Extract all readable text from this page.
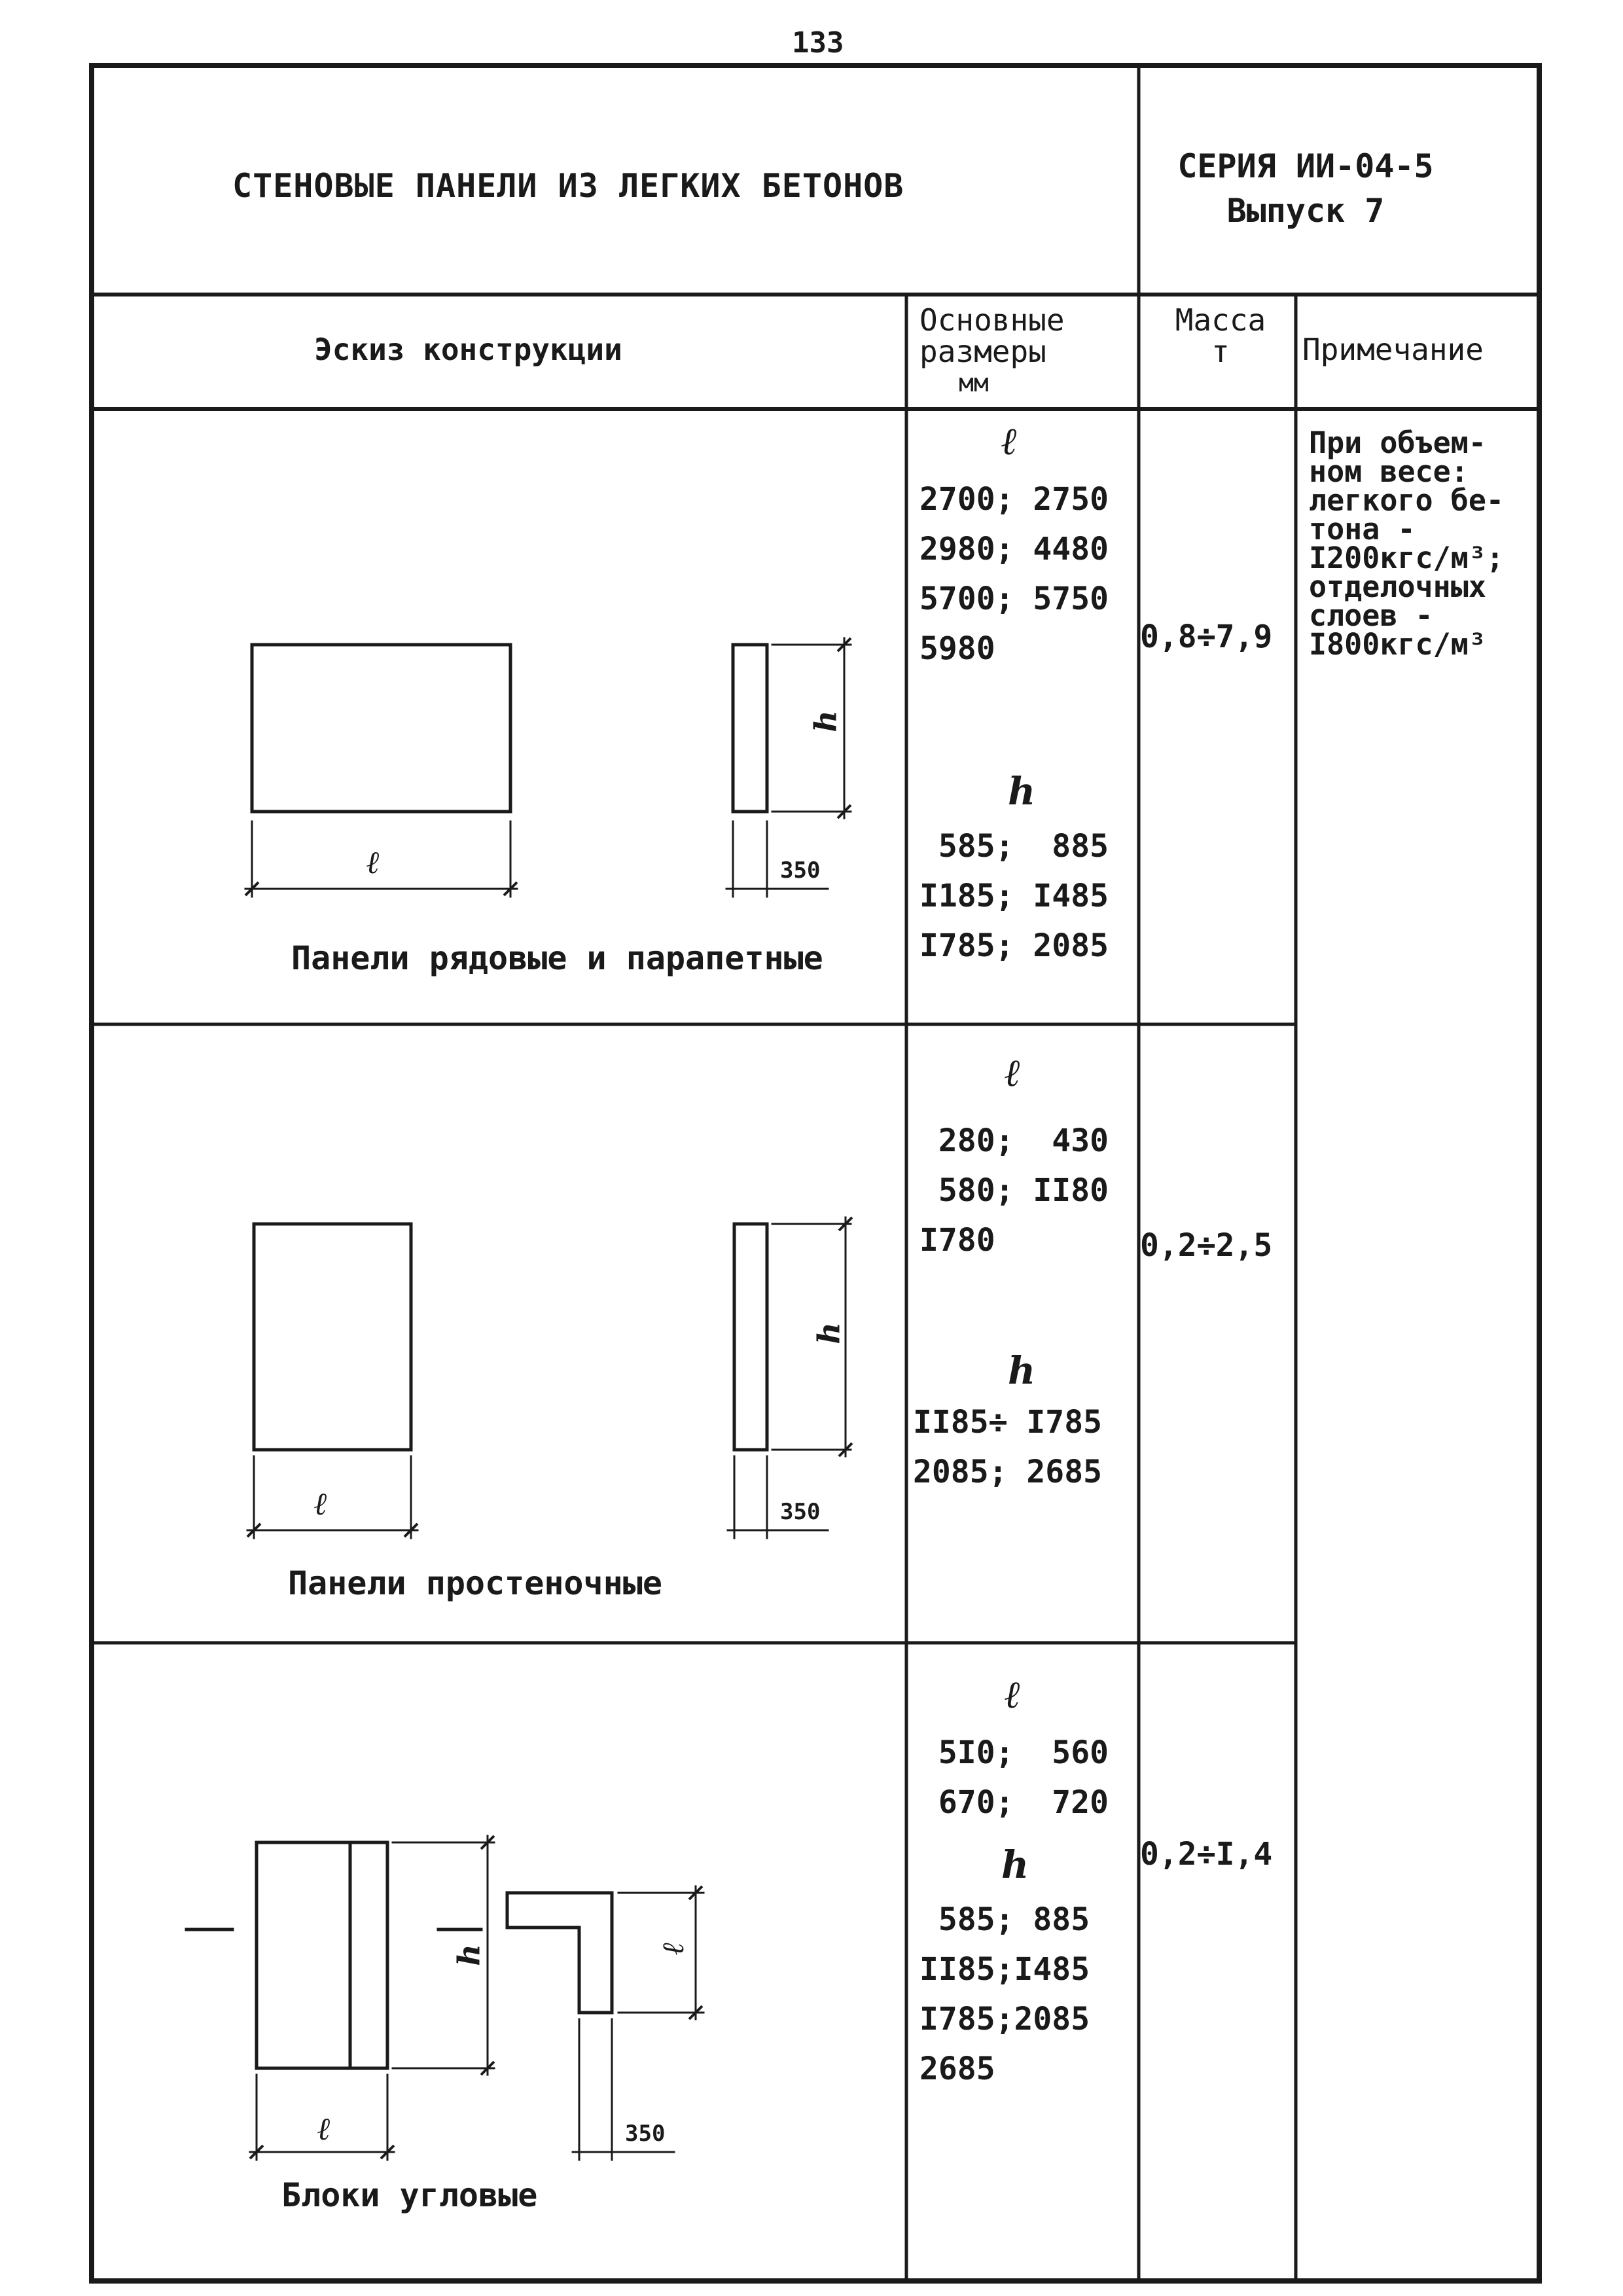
133
СТЕНОВЫЕ ПАНЕЛИ ИЗ ЛЕГКИХ БЕТОНОВ
СЕРИЯ ИИ-04-5
Выпуск 7
Эскиз конструкции
Основные
размеры
мм
Масса
т	Примечание
При объем-
ном весе:
легкого бе-
тона -
I200кгс/м³;
отделочных
слоев -
I800кгс/м³
ℓ
2700; 2750
2980; 4480
5700; 5750
5980
h
585;  885
I185; I485
I785; 2085
0,8÷7,9
ℓ
h
350
Панели рядовые и парапетные
ℓ
280;  430
580; II80
I780
h
II85÷ I785
2085; 2685
0,2÷2,5
ℓ
h
350
Панели простеночные
ℓ
5I0;  560
670;  720
h
585; 885
II85;I485
I785;2085
2685
0,2÷I,4
ℓ
h	ℓ
350
Блоки угловые
